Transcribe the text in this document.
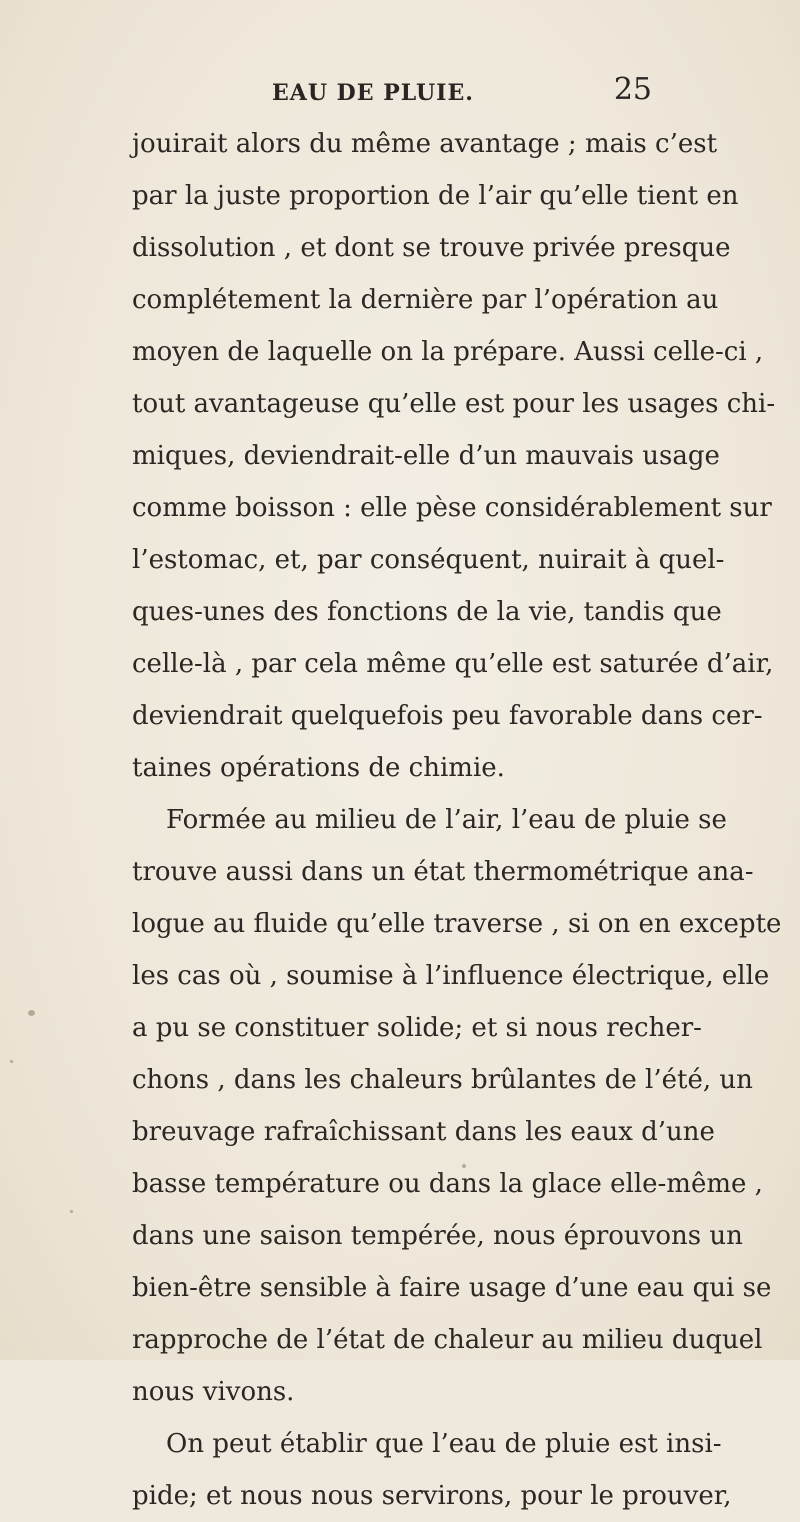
EAU DE PLUIE.	25
jouirait alors du même avantage ; mais c’est
par la juste proportion de l’air qu’elle tient en
dissolution , et dont se trouve privée presque
complétement la dernière par l’opération au
moyen de laquelle on la prépare. Aussi celle-ci ,
tout avantageuse qu’elle est pour les usages chi-
miques, deviendrait-elle d’un mauvais usage
comme boisson : elle pèse considérablement sur
l’estomac, et, par conséquent, nuirait à quel-
ques-unes des fonctions de la vie, tandis que
celle-là , par cela même qu’elle est saturée d’air,
deviendrait quelquefois peu favorable dans cer-
taines opérations de chimie.
Formée au milieu de l’air, l’eau de pluie se
trouve aussi dans un état thermométrique ana-
logue au fluide qu’elle traverse , si on en excepte
les cas où , soumise à l’influence électrique, elle
a pu se constituer solide; et si nous recher-
chons , dans les chaleurs brûlantes de l’été, un
breuvage rafraîchissant dans les eaux d’une
basse température ou dans la glace elle-même ,
dans une saison tempérée, nous éprouvons un
bien-être sensible à faire usage d’une eau qui se
rapproche de l’état de chaleur au milieu duquel
nous vivons.
On peut établir que l’eau de pluie est insi-
pide; et nous nous servirons, pour le prouver,
